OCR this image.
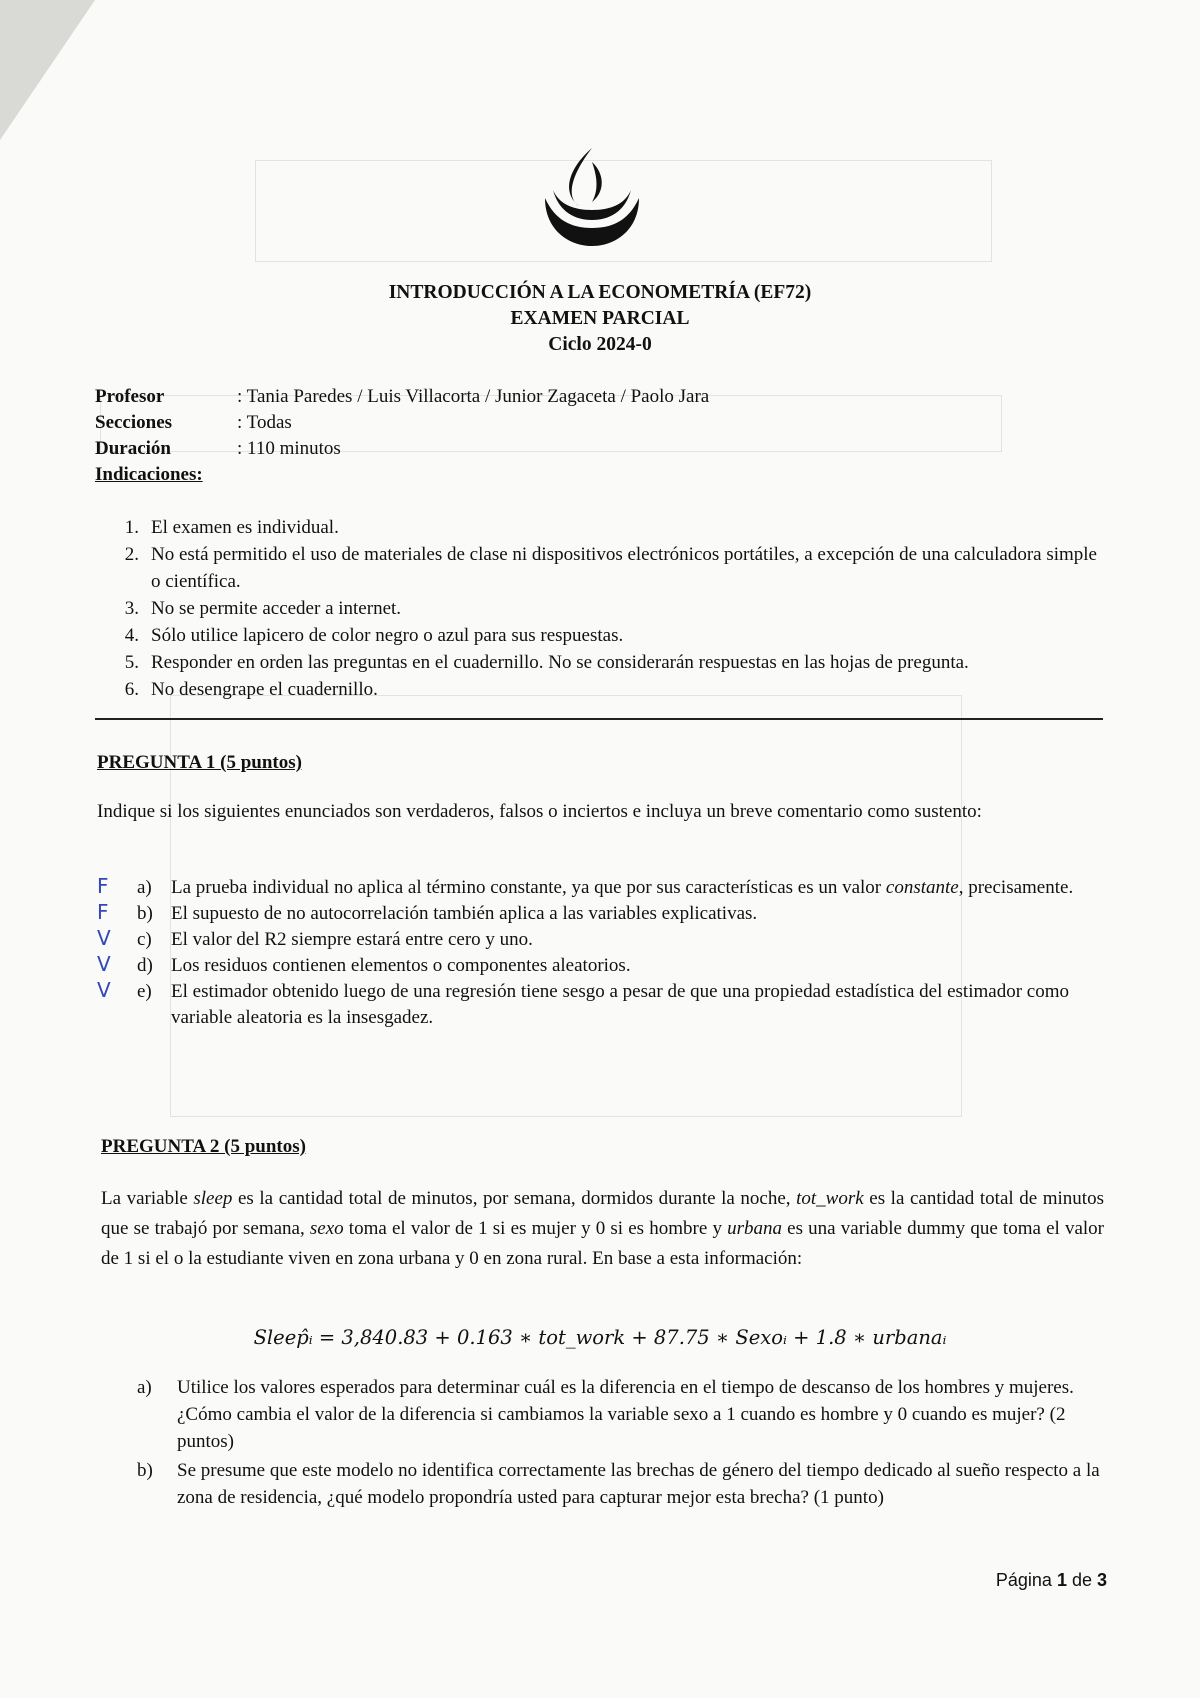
INTRODUCCIÓN A LA ECONOMETRÍA (EF72)
EXAMEN PARCIAL
Ciclo 2024-0
Profesor	: Tania Paredes / Luis Villacorta / Junior Zagaceta / Paolo Jara
Secciones	: Todas
Duración	: 110 minutos
Indicaciones:
1. El examen es individual.
2. No está permitido el uso de materiales de clase ni dispositivos electrónicos portátiles, a excepción de una calculadora simple o científica.
3. No se permite acceder a internet.
4. Sólo utilice lapicero de color negro o azul para sus respuestas.
5. Responder en orden las preguntas en el cuadernillo. No se considerarán respuestas en las hojas de pregunta.
6. No desengrape el cuadernillo.
PREGUNTA 1 (5 puntos)
Indique si los siguientes enunciados son verdaderos, falsos o inciertos e incluya un breve comentario como sustento:
F a)	La prueba individual no aplica al término constante, ya que por sus características es un valor constante, precisamente.
F b) El supuesto de no autocorrelación también aplica a las variables explicativas.
V c)	El valor del R2 siempre estará entre cero y uno.
V d) Los residuos contienen elementos o componentes aleatorios.
V e)	El estimador obtenido luego de una regresión tiene sesgo a pesar de que una propiedad estadística del estimador como variable aleatoria es la insesgadez.
PREGUNTA 2 (5 puntos)
La variable sleep es la cantidad total de minutos, por semana, dormidos durante la noche, tot_work es la cantidad total de minutos que se trabajó por semana, sexo toma el valor de 1 si es mujer y 0 si es hombre y urbana es una variable dummy que toma el valor de 1 si el o la estudiante viven en zona urbana y 0 en zona rural. En base a esta información:
Sleep̂ᵢ = 3,840.83 + 0.163 ∗ tot_work + 87.75 ∗ Sexoᵢ + 1.8 ∗ urbanaᵢ
a)	Utilice los valores esperados para determinar cuál es la diferencia en el tiempo de descanso de los hombres y mujeres. ¿Cómo cambia el valor de la diferencia si cambiamos la variable sexo a 1 cuando es hombre y 0 cuando es mujer? (2 puntos)
b)	Se presume que este modelo no identifica correctamente las brechas de género del tiempo dedicado al sueño respecto a la zona de residencia, ¿qué modelo propondría usted para capturar mejor esta brecha? (1 punto)
Página 1 de 3
